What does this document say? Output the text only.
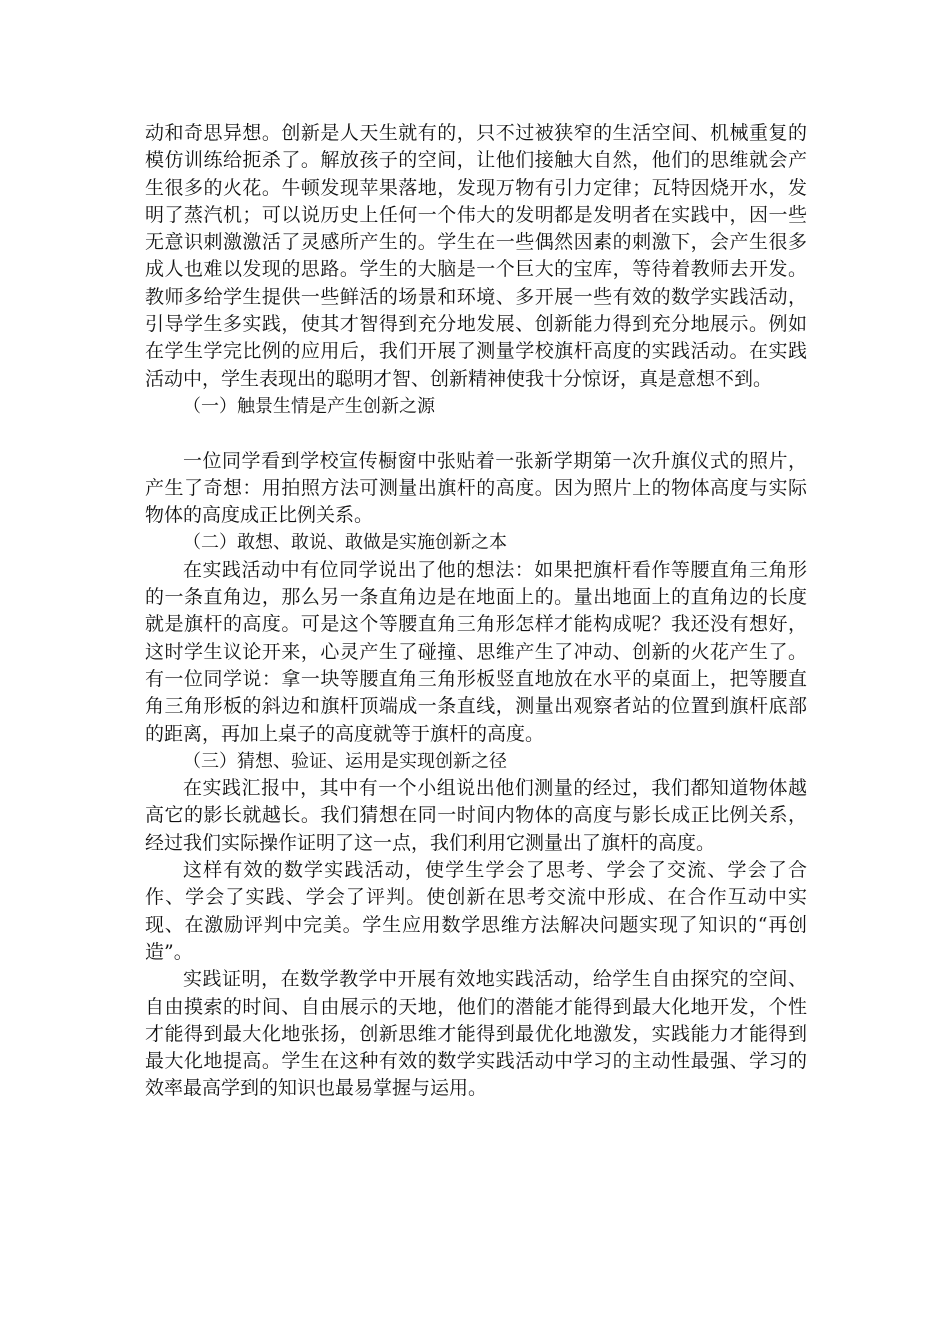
动和奇思异想。创新是人天生就有的，只不过被狭窄的生活空间、机械重复的模仿训练给扼杀了。解放孩子的空间，让他们接触大自然，他们的思维就会产生很多的火花。牛顿发现苹果落地，发现万物有引力定律；瓦特因烧开水，发明了蒸汽机；可以说历史上任何一个伟大的发明都是发明者在实践中，因一些无意识刺激激活了灵感所产生的。学生在一些偶然因素的刺激下，会产生很多成人也难以发现的思路。学生的大脑是一个巨大的宝库，等待着教师去开发。教师多给学生提供一些鲜活的场景和环境、多开展一些有效的数学实践活动，引导学生多实践，使其才智得到充分地发展、创新能力得到充分地展示。例如在学生学完比例的应用后，我们开展了测量学校旗杆高度的实践活动。在实践活动中，学生表现出的聪明才智、创新精神使我十分惊讶，真是意想不到。

（一）触景生情是产生创新之源

一位同学看到学校宣传橱窗中张贴着一张新学期第一次升旗仪式的照片，产生了奇想：用拍照方法可测量出旗杆的高度。因为照片上的物体高度与实际物体的高度成正比例关系。

（二）敢想、敢说、敢做是实施创新之本

在实践活动中有位同学说出了他的想法：如果把旗杆看作等腰直角三角形的一条直角边，那么另一条直角边是在地面上的。量出地面上的直角边的长度就是旗杆的高度。可是这个等腰直角三角形怎样才能构成呢？我还没有想好，这时学生议论开来，心灵产生了碰撞、思维产生了冲动、创新的火花产生了。有一位同学说：拿一块等腰直角三角形板竖直地放在水平的桌面上，把等腰直角三角形板的斜边和旗杆顶端成一条直线，测量出观察者站的位置到旗杆底部的距离，再加上桌子的高度就等于旗杆的高度。

（三）猜想、验证、运用是实现创新之径

在实践汇报中，其中有一个小组说出他们测量的经过，我们都知道物体越高它的影长就越长。我们猜想在同一时间内物体的高度与影长成正比例关系，经过我们实际操作证明了这一点，我们利用它测量出了旗杆的高度。

这样有效的数学实践活动，使学生学会了思考、学会了交流、学会了合作、学会了实践、学会了评判。使创新在思考交流中形成、在合作互动中实现、在激励评判中完美。学生应用数学思维方法解决问题实现了知识的“再创造”。

实践证明，在数学教学中开展有效地实践活动，给学生自由探究的空间、自由摸索的时间、自由展示的天地，他们的潜能才能得到最大化地开发，个性才能得到最大化地张扬，创新思维才能得到最优化地激发，实践能力才能得到最大化地提高。学生在这种有效的数学实践活动中学习的主动性最强、学习的效率最高学到的知识也最易掌握与运用。
